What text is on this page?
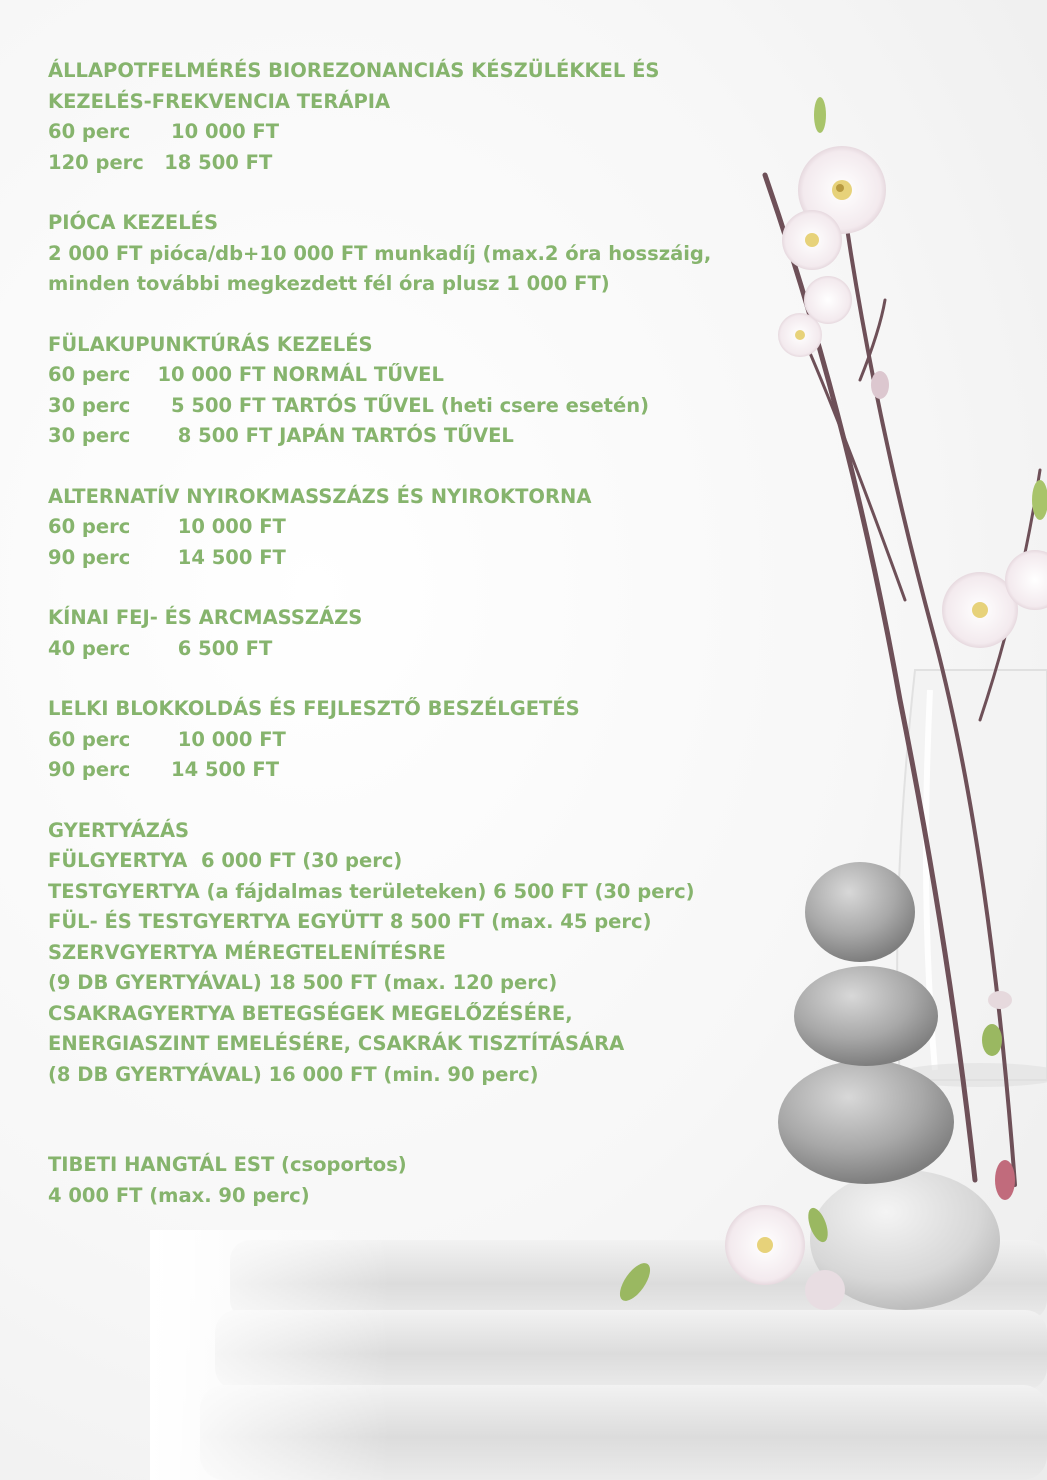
ÁLLAPOTFELMÉRÉS BIOREZONANCIÁS KÉSZÜLÉKKEL ÉS
KEZELÉS-FREKVENCIA TERÁPIA
60 perc      10 000 FT
120 perc   18 500 FT
PIÓCA KEZELÉS
2 000 FT pióca/db+10 000 FT munkadíj (max.2 óra hosszáig,
minden további megkezdett fél óra plusz 1 000 FT)
FÜLAKUPUNKTÚRÁS KEZELÉS
60 perc    10 000 FT NORMÁL TŰVEL
30 perc      5 500 FT TARTÓS TŰVEL (heti csere esetén)
30 perc       8 500 FT JAPÁN TARTÓS TŰVEL
ALTERNATÍV NYIROKMASSZÁZS ÉS NYIROKTORNA
60 perc       10 000 FT
90 perc       14 500 FT
KÍNAI FEJ- ÉS ARCMASSZÁZS
40 perc       6 500 FT
LELKI BLOKKOLDÁS ÉS FEJLESZTŐ BESZÉLGETÉS
60 perc       10 000 FT
90 perc      14 500 FT
GYERTYÁZÁS
FÜLGYERTYA  6 000 FT (30 perc)
TESTGYERTYA (a fájdalmas területeken) 6 500 FT (30 perc)
FÜL- ÉS TESTGYERTYA EGYÜTT 8 500 FT (max. 45 perc)
SZERVGYERTYA MÉREGTELENÍTÉSRE
(9 DB GYERTYÁVAL) 18 500 FT (max. 120 perc)
CSAKRAGYERTYA BETEGSÉGEK MEGELŐZÉSÉRE,
ENERGIASZINT EMELÉSÉRE, CSAKRÁK TISZTÍTÁSÁRA
(8 DB GYERTYÁVAL) 16 000 FT (min. 90 perc)
TIBETI HANGTÁL EST (csoportos)
4 000 FT (max. 90 perc)
